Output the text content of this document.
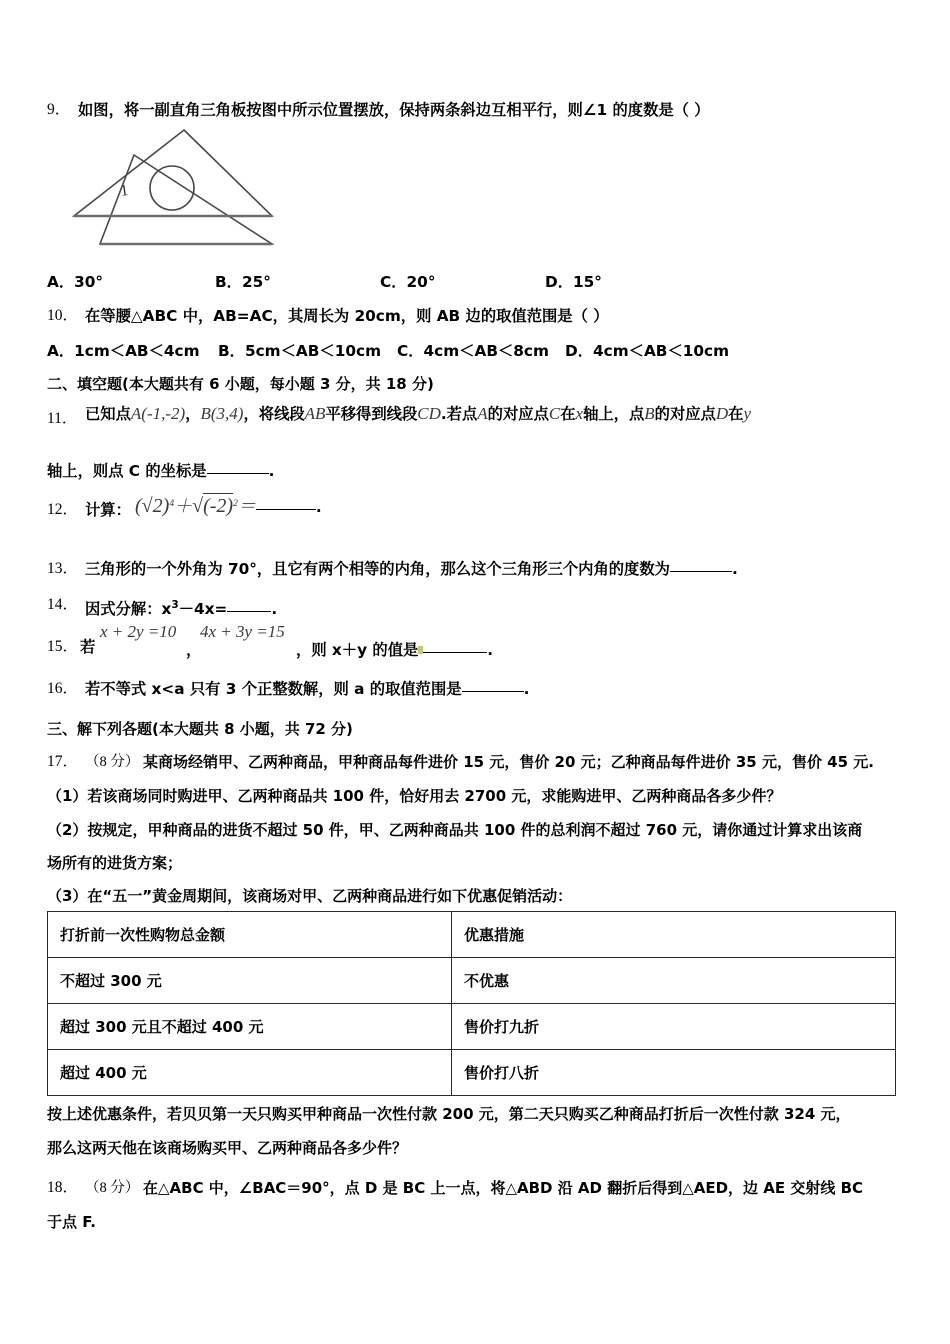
9． 如图，将一副直角三角板按图中所示位置摆放，保持两条斜边互相平行，则∠1 的度数是（ ）
1
A．30°	B．25°	C．20°	D．15°
10． 在等腰△ABC 中，AB=AC，其周长为 20cm，则 AB 边的取值范围是（ ）
A．1cm＜AB＜4cm B．5cm＜AB＜10cm C．4cm＜AB＜8cm D．4cm＜AB＜10cm
二、填空题(本大题共有 6 小题，每小题 3 分，共 18 分)
11． 已知点A(-1,-2)，B(3,4)，将线段AB平移得到线段CD.若点A的对应点C在x轴上，点B的对应点D在y
轴上，则点 C 的坐标是	.
12． 计算： $(√2)^4+√(-2)^2=$	.
13． 三角形的一个外角为 70°，且它有两个相等的内角，那么这个三角形三个内角的度数为	.
14． 因式分解：$x^3-4x=$	.
15． 若
x + 2y =10 4x + 3y =15
，	，则 x＋y 的值是	.
16． 若不等式 x<a 只有 3 个正整数解，则 a 的取值范围是	.
三、解下列各题(本大题共 8 小题，共 72 分)
17． （8 分） 某商场经销甲、乙两种商品，甲种商品每件进价 15 元，售价 20 元；乙种商品每件进价 35 元，售价 45 元.
（1）若该商场同时购进甲、乙两种商品共 100 件，恰好用去 2700 元，求能购进甲、乙两种商品各多少件？
（2）按规定，甲种商品的进货不超过 50 件，甲、乙两种商品共 100 件的总利润不超过 760 元，请你通过计算求出该商
场所有的进货方案；
（3）在“五一”黄金周期间，该商场对甲、乙两种商品进行如下优惠促销活动：
打折前一次性购物总金额	优惠措施
不超过 300 元	不优惠
超过 300 元且不超过 400 元	售价打九折
超过 400 元	售价打八折
按上述优惠条件，若贝贝第一天只购买甲种商品一次性付款 200 元，第二天只购买乙种商品打折后一次性付款 324 元，
那么这两天他在该商场购买甲、乙两种商品各多少件？
18． （8 分） 在△ABC 中，∠BAC＝90°，点 D 是 BC 上一点，将△ABD 沿 AD 翻折后得到△AED，边 AE 交射线 BC
于点 F.
